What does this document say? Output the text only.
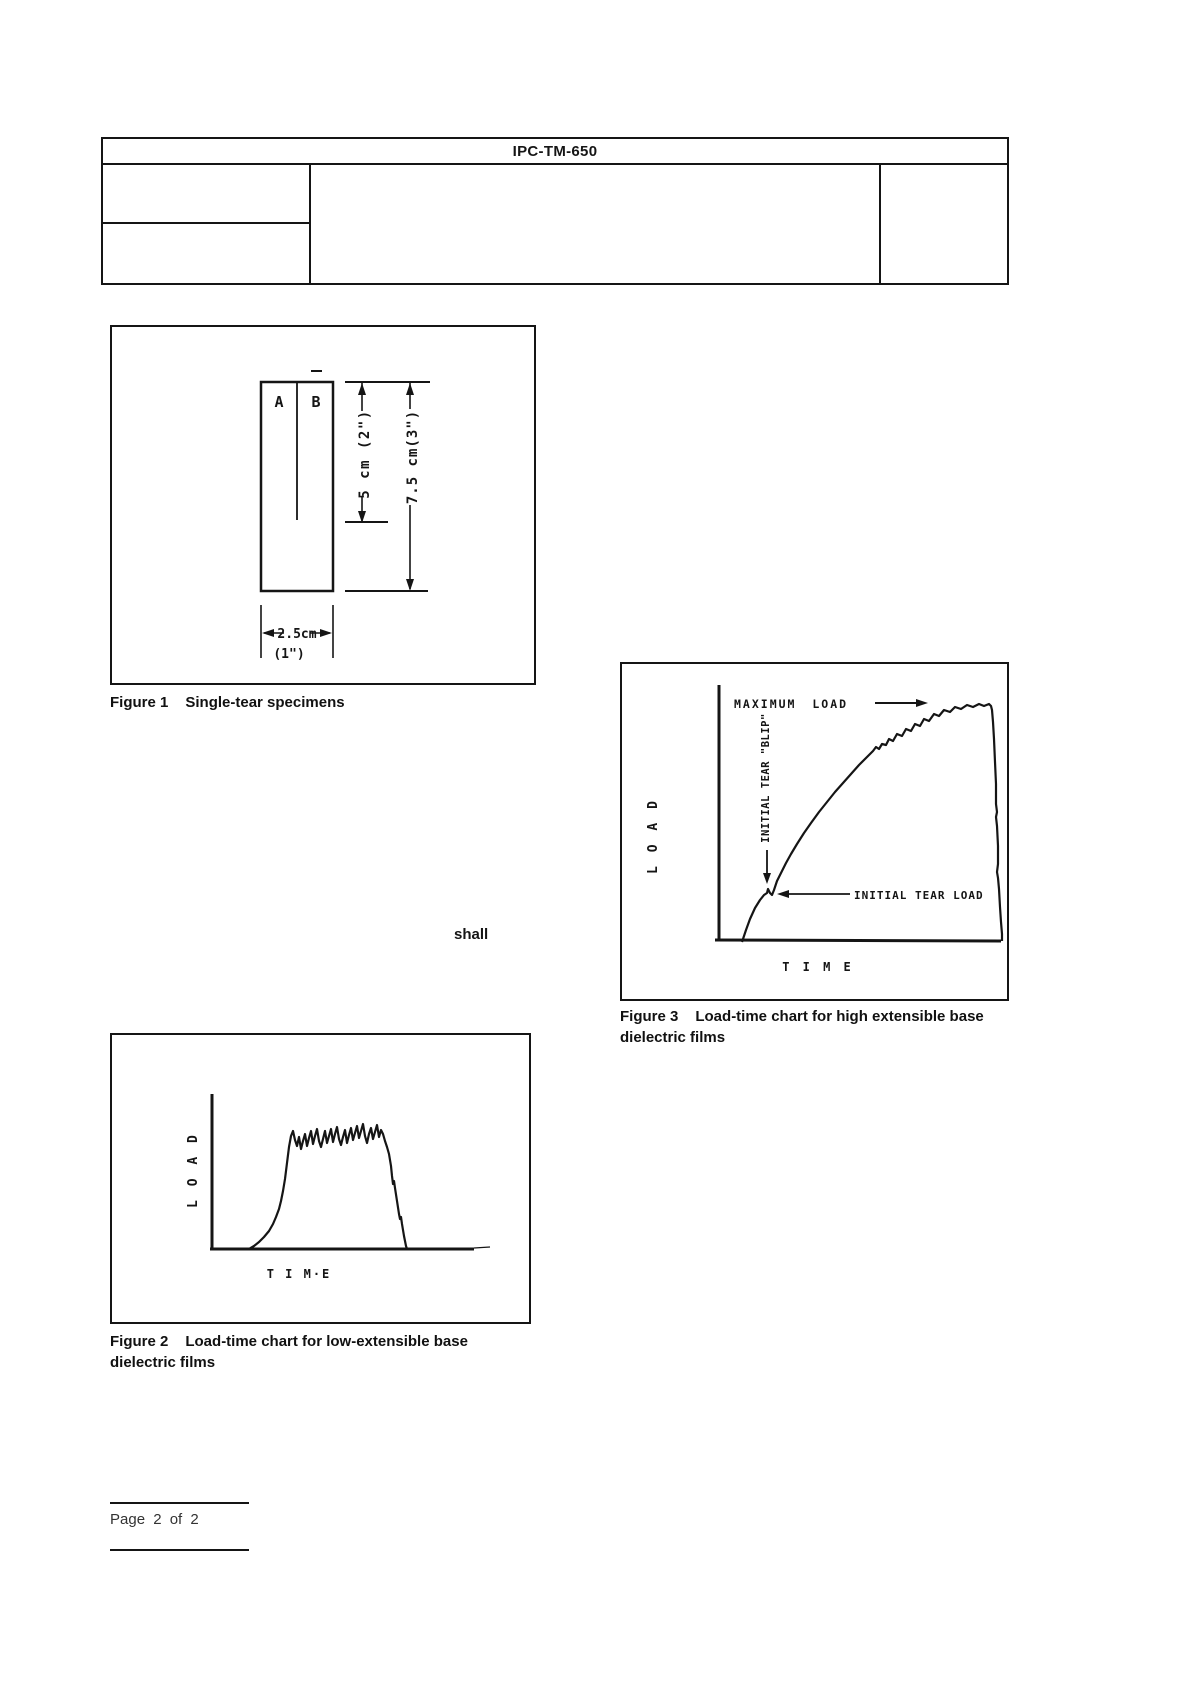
IPC-TM-650
A B
5 cm (2") 7.5 cm(3")
2.5cm
(1")
Figure 1 Single-tear specimens
shall
L O A D
T I M E
MAXIMUM LOAD
INITIAL TEAR "BLIP"
INITIAL TEAR LOAD
Figure 3 Load-time chart for high extensible base dielectric films
L O A D
T I M·E
Figure 2 Load-time chart for low-extensible base dielectric films
Page 2 of 2
